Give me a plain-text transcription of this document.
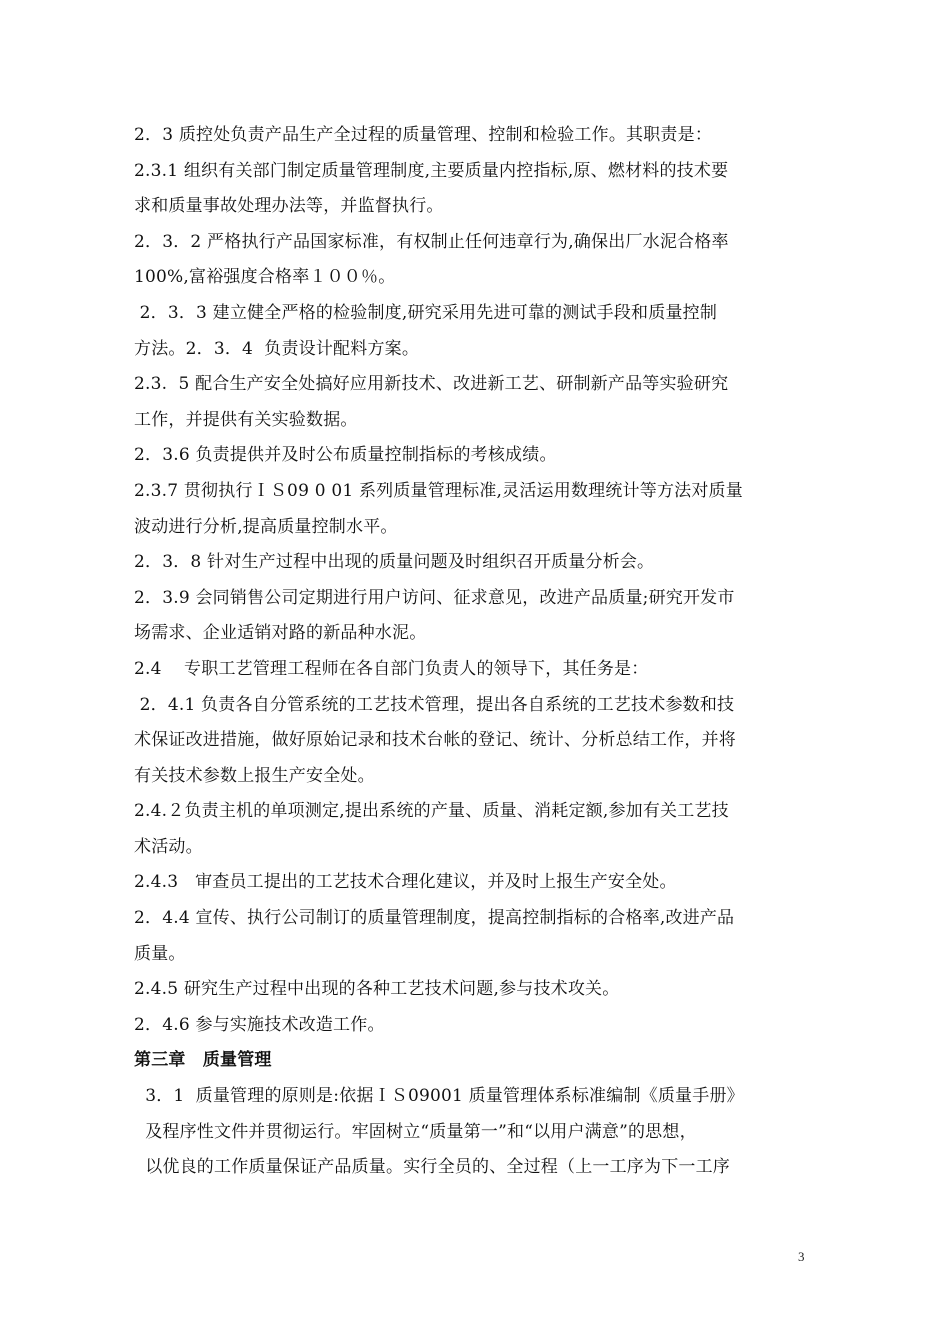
2．3 质控处负责产品生产全过程的质量管理、控制和检验工作。其职责是：
2.3.1 组织有关部门制定质量管理制度,主要质量内控指标,原、燃材料的技术要
求和质量事故处理办法等，并监督执行。
2．3．2 严格执行产品国家标准，有权制止任何违章行为,确保出厂水泥合格率
100%,富裕强度合格率１００％。
2．3．3 建立健全严格的检验制度,研究采用先进可靠的测试手段和质量控制
方法。2．3．4  负责设计配料方案。
2.3.  5 配合生产安全处搞好应用新技术、改进新工艺、研制新产品等实验研究
工作，并提供有关实验数据。
2．3.6 负责提供并及时公布质量控制指标的考核成绩。
2.3.7 贯彻执行ＩＳ09 0 01 系列质量管理标准,灵活运用数理统计等方法对质量
波动进行分析,提高质量控制水平。
2．3．8 针对生产过程中出现的质量问题及时组织召开质量分析会。
2．3.9 会同销售公司定期进行用户访问、征求意见，改进产品质量;研究开发市
场需求、企业适销对路的新品种水泥。
2.4    专职工艺管理工程师在各自部门负责人的领导下，其任务是：
2．4.1 负责各自分管系统的工艺技术管理，提出各自系统的工艺技术参数和技
术保证改进措施，做好原始记录和技术台帐的登记、统计、分析总结工作，并将
有关技术参数上报生产安全处。
2.4.２负责主机的单项测定,提出系统的产量、质量、消耗定额,参加有关工艺技
术活动。
2.4.3   审查员工提出的工艺技术合理化建议，并及时上报生产安全处。
2．4.4 宣传、执行公司制订的质量管理制度，提高控制指标的合格率,改进产品
质量。
2.4.5 研究生产过程中出现的各种工艺技术问题,参与技术攻关。
2．4.6 参与实施技术改造工作。
第三章　质量管理
3．1  质量管理的原则是:依据ＩＳ09001 质量管理体系标准编制《质量手册》
及程序性文件并贯彻运行。牢固树立“质量第一”和“以用户满意”的思想，
以优良的工作质量保证产品质量。实行全员的、全过程（上一工序为下一工序
3
